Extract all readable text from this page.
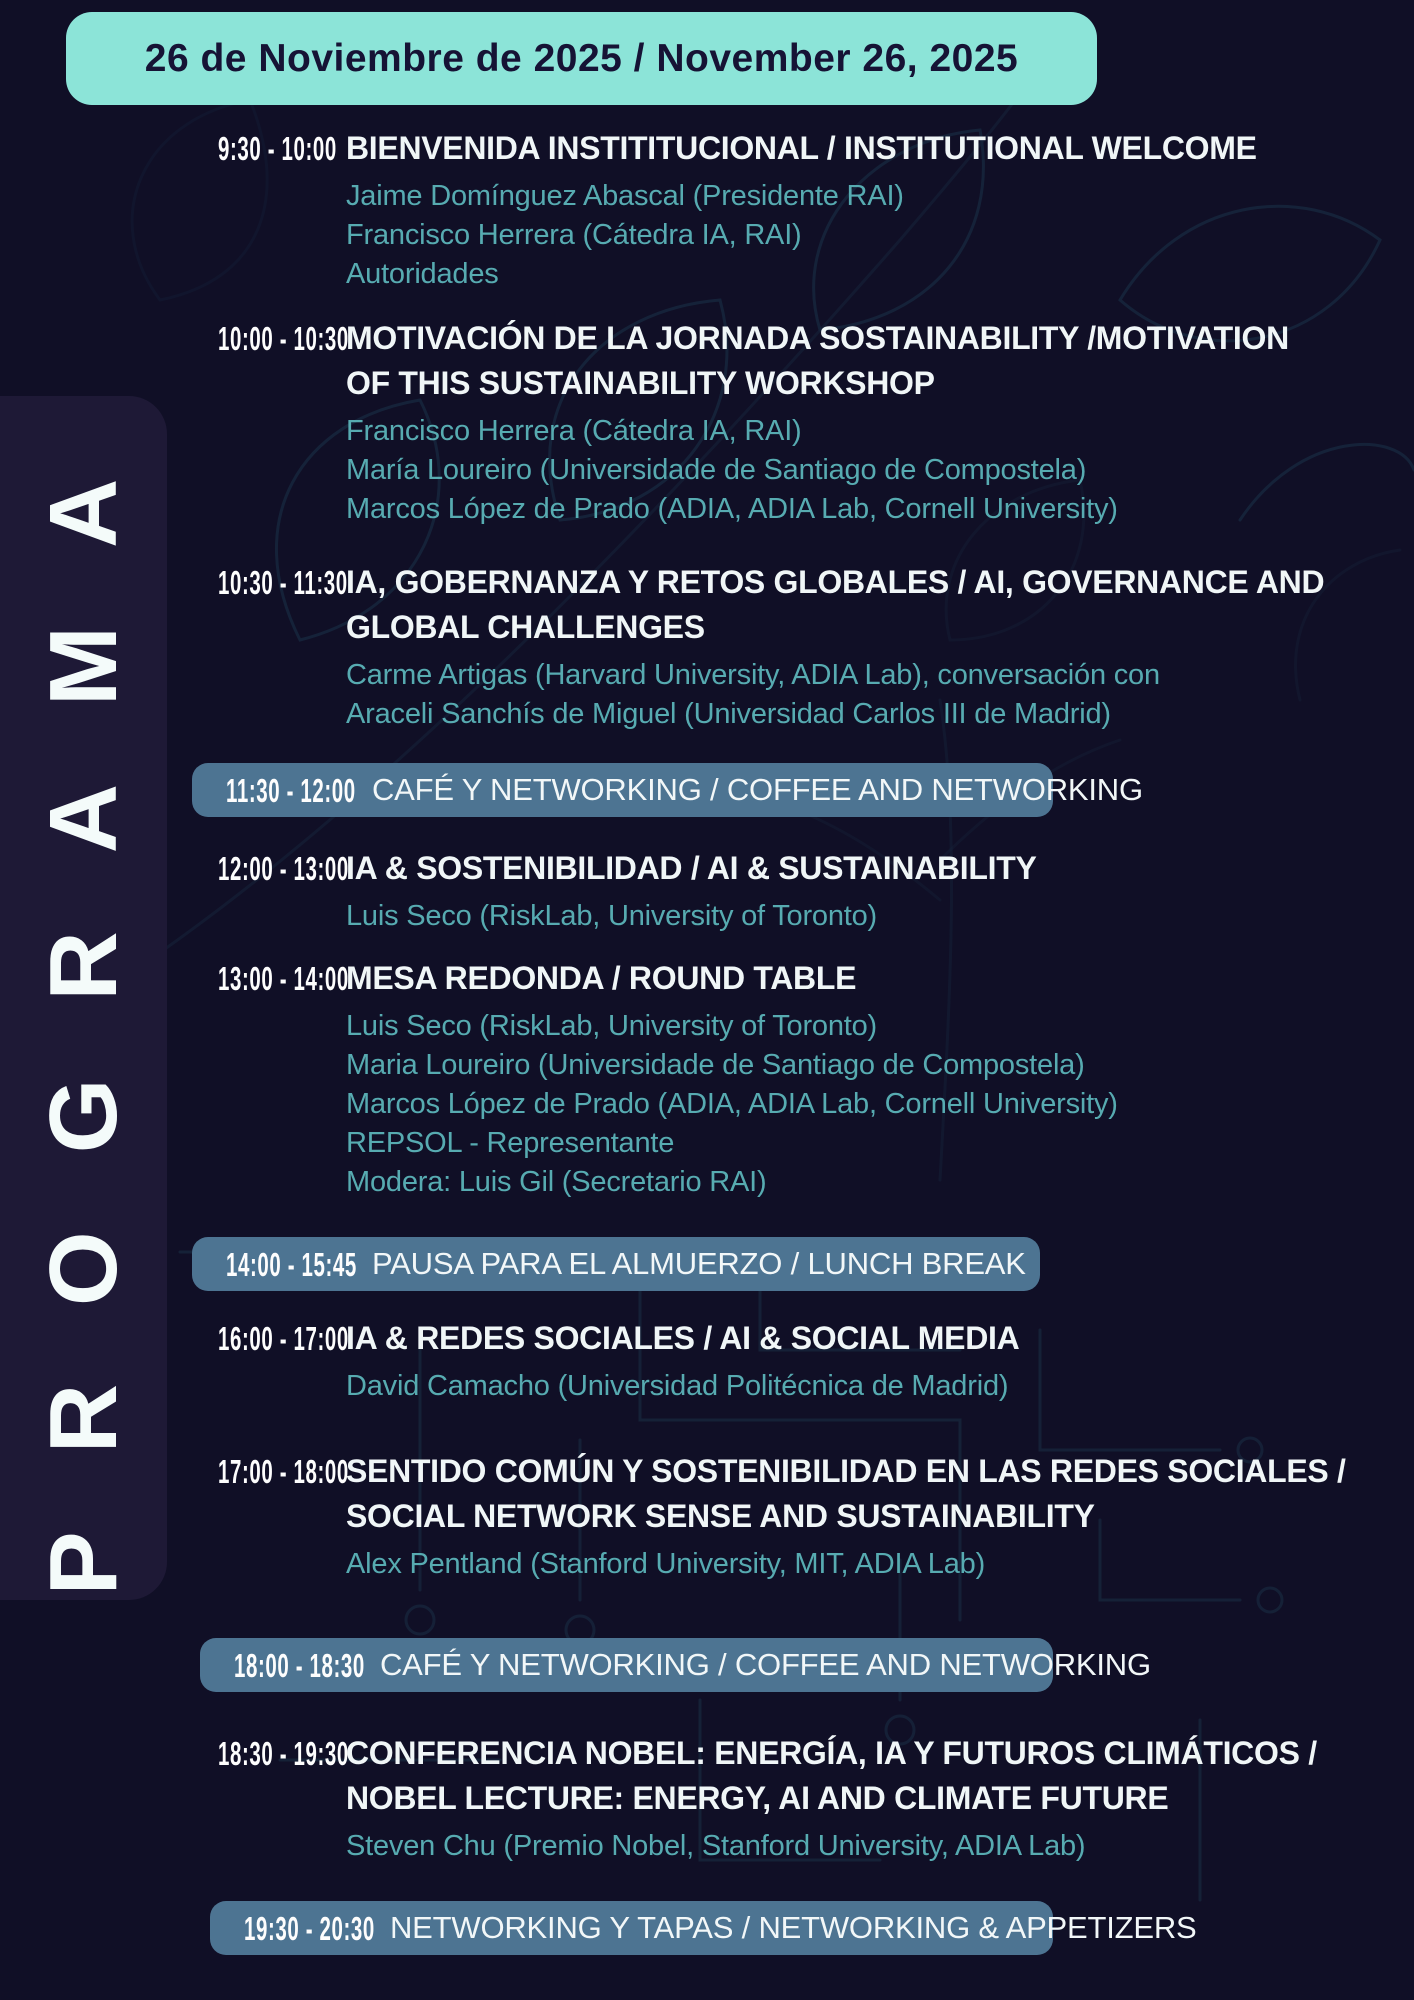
26 de Noviembre de 2025 / November 26, 2025
PROGRAMA
9:30 - 10:00 BIENVENIDA INSTITITUCIONAL / INSTITUTIONAL WELCOME
Jaime Domínguez Abascal (Presidente RAI)
Francisco Herrera (Cátedra IA, RAI)
Autoridades
10:00 - 10:30
MOTIVACIÓN DE LA JORNADA SOSTAINABILITY /MOTIVATION
OF THIS SUSTAINABILITY WORKSHOP
Francisco Herrera (Cátedra IA, RAI)
María Loureiro (Universidade de Santiago de Compostela)
Marcos López de Prado (ADIA, ADIA Lab, Cornell University)
10:30 - 11:30
IA, GOBERNANZA Y RETOS GLOBALES / AI, GOVERNANCE AND
GLOBAL CHALLENGES
Carme Artigas (Harvard University, ADIA Lab), conversación con
Araceli Sanchís de Miguel (Universidad Carlos III de Madrid)
11:30 - 12:00 CAFÉ Y NETWORKING / COFFEE AND NETWORKING
12:00 - 13:00
IA & SOSTENIBILIDAD / AI & SUSTAINABILITY
Luis Seco (RiskLab, University of Toronto)
13:00 - 14:00
MESA REDONDA / ROUND TABLE
Luis Seco (RiskLab, University of Toronto)
Maria Loureiro (Universidade de Santiago de Compostela)
Marcos López de Prado (ADIA, ADIA Lab, Cornell University)
REPSOL - Representante
Modera: Luis Gil (Secretario RAI)
14:00 - 15:45 PAUSA PARA EL ALMUERZO / LUNCH BREAK
16:00 - 17:00
IA & REDES SOCIALES / AI & SOCIAL MEDIA
David Camacho (Universidad Politécnica de Madrid)
17:00 - 18:00
SENTIDO COMÚN Y SOSTENIBILIDAD EN LAS REDES SOCIALES /
SOCIAL NETWORK SENSE AND SUSTAINABILITY
Alex Pentland (Stanford University, MIT, ADIA Lab)
18:00 - 18:30 CAFÉ Y NETWORKING / COFFEE AND NETWORKING
18:30 - 19:30
CONFERENCIA NOBEL: ENERGÍA, IA Y FUTUROS CLIMÁTICOS /
NOBEL LECTURE: ENERGY, AI AND CLIMATE FUTURE
Steven Chu (Premio Nobel, Stanford University, ADIA Lab)
19:30 - 20:30 NETWORKING Y TAPAS / NETWORKING & APPETIZERS
